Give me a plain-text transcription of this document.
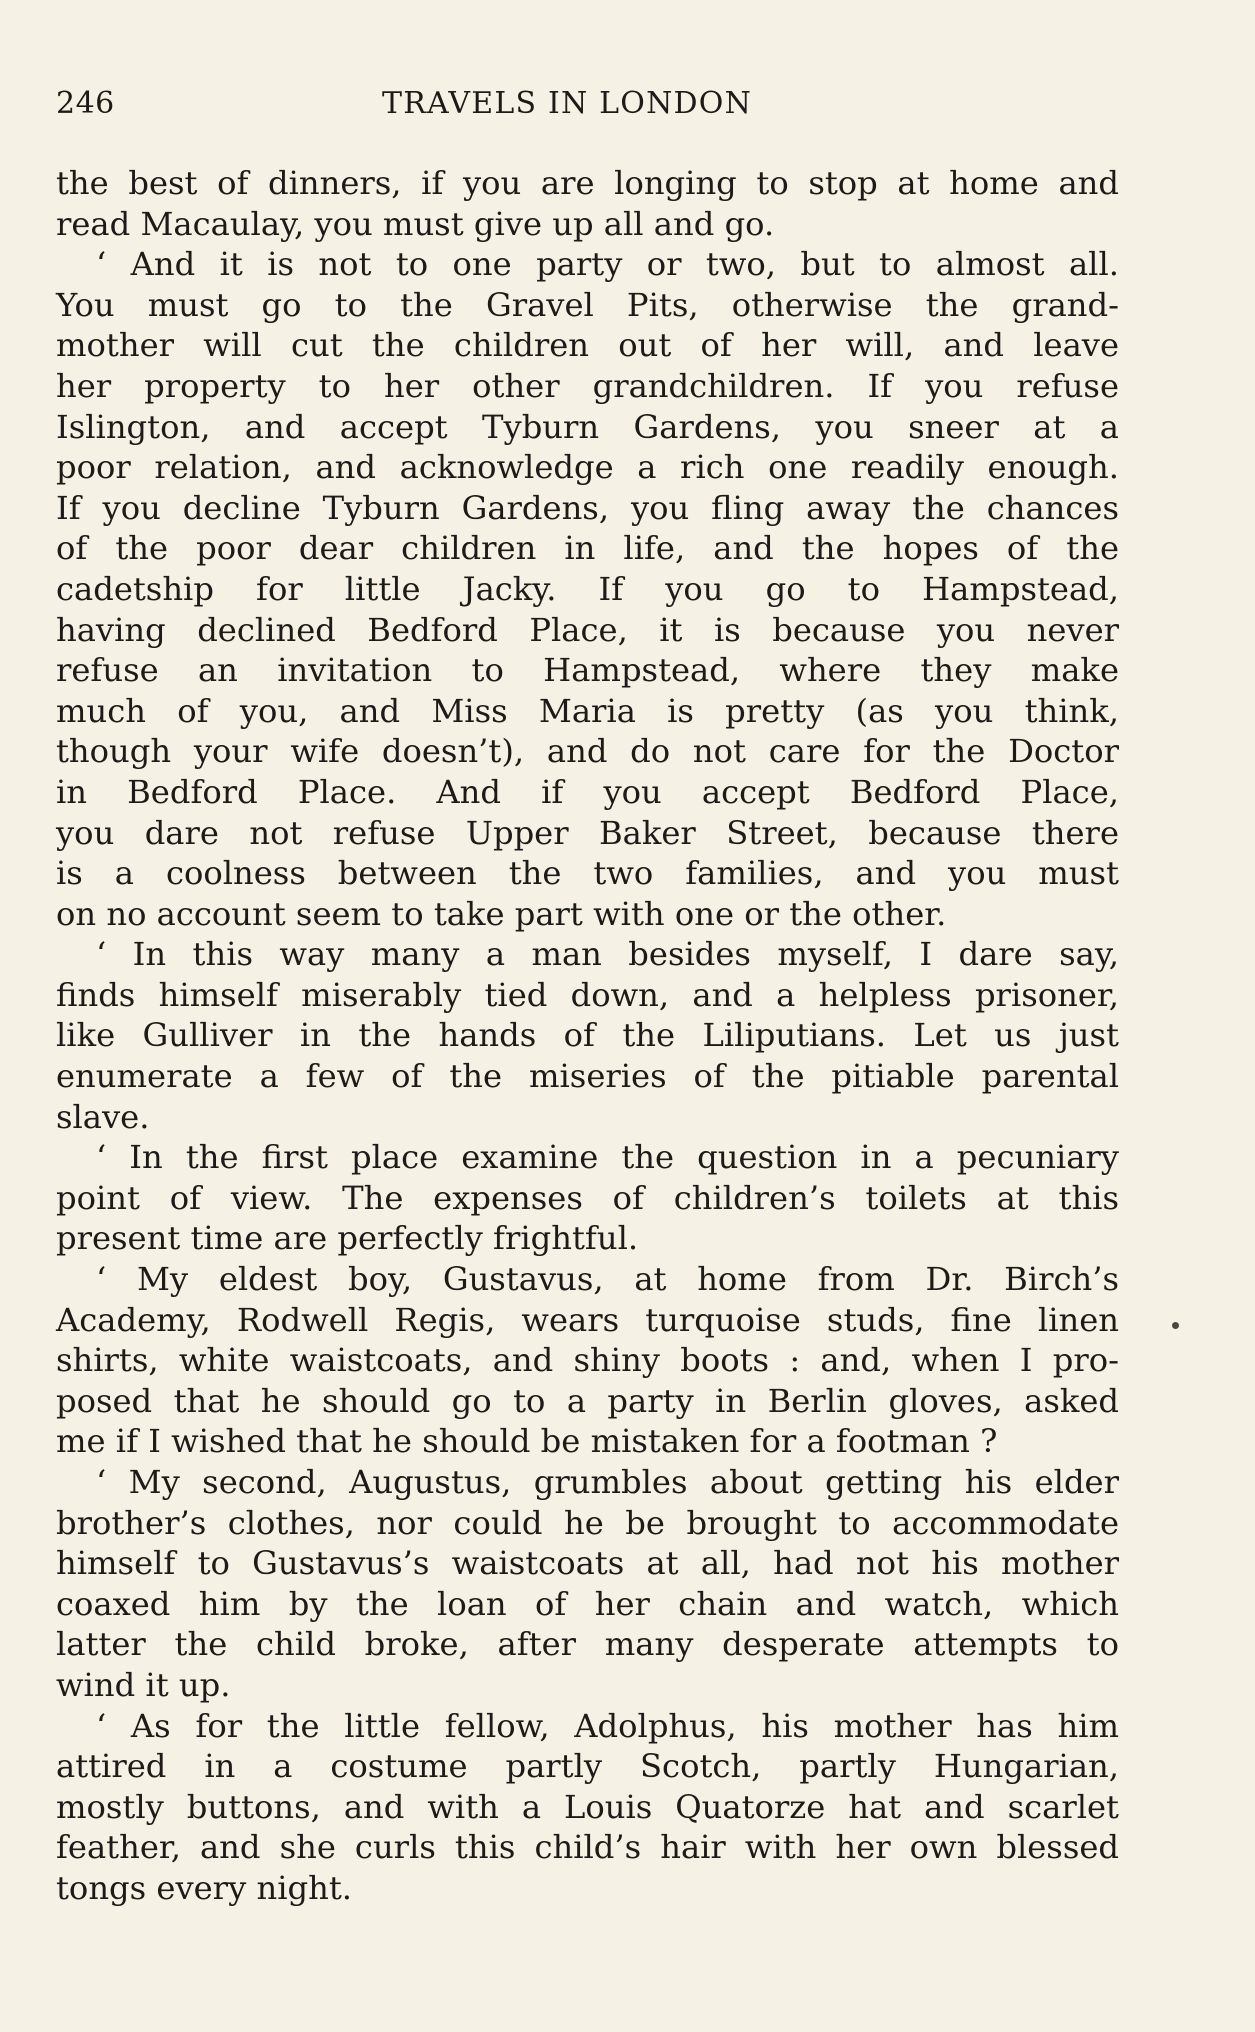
246	TRAVELS IN LONDON
the best of dinners, if you are longing to stop at home and
read Macaulay, you must give up all and go.
‘ And it is not to one party or two, but to almost all.
You must go to the Gravel Pits, otherwise the grand-
mother will cut the children out of her will, and leave
her property to her other grandchildren. If you refuse
Islington, and accept Tyburn Gardens, you sneer at a
poor relation, and acknowledge a rich one readily enough.
If you decline Tyburn Gardens, you fling away the chances
of the poor dear children in life, and the hopes of the
cadetship for little Jacky. If you go to Hampstead,
having declined Bedford Place, it is because you never
refuse an invitation to Hampstead, where they make
much of you, and Miss Maria is pretty (as you think,
though your wife doesn’t), and do not care for the Doctor
in Bedford Place. And if you accept Bedford Place,
you dare not refuse Upper Baker Street, because there
is a coolness between the two families, and you must
on no account seem to take part with one or the other.
‘ In this way many a man besides myself, I dare say,
finds himself miserably tied down, and a helpless prisoner,
like Gulliver in the hands of the Liliputians. Let us just
enumerate a few of the miseries of the pitiable parental
slave.
‘ In the first place examine the question in a pecuniary
point of view. The expenses of children’s toilets at this
present time are perfectly frightful.
‘ My eldest boy, Gustavus, at home from Dr. Birch’s
Academy, Rodwell Regis, wears turquoise studs, fine linen
shirts, white waistcoats, and shiny boots : and, when I pro-
posed that he should go to a party in Berlin gloves, asked
me if I wished that he should be mistaken for a footman ?
‘ My second, Augustus, grumbles about getting his elder
brother’s clothes, nor could he be brought to accommodate
himself to Gustavus’s waistcoats at all, had not his mother
coaxed him by the loan of her chain and watch, which
latter the child broke, after many desperate attempts to
wind it up.
‘ As for the little fellow, Adolphus, his mother has him
attired in a costume partly Scotch, partly Hungarian,
mostly buttons, and with a Louis Quatorze hat and scarlet
feather, and she curls this child’s hair with her own blessed
tongs every night.
